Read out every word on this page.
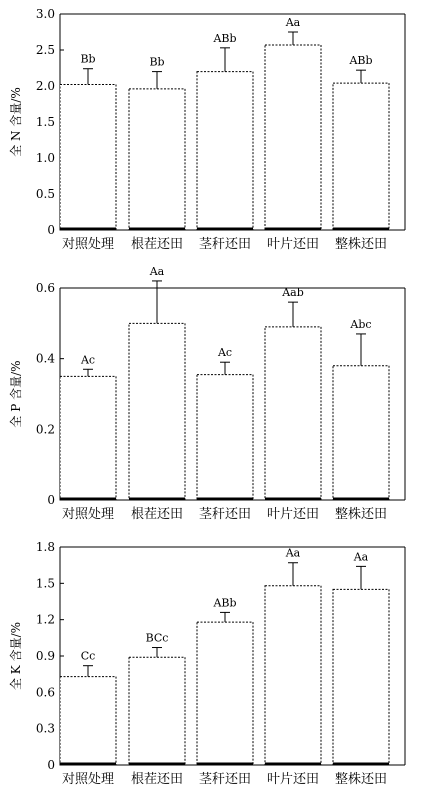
0
0.5
1.0
1.5
2.0
2.5
3.0
全 N 含量/%
Bb
对照处理
Bb
根茬还田
ABb
茎秆还田
Aa
叶片还田
ABb
整株还田
0
0.2
0.4
0.6
全 P 含量/%
Ac
对照处理
Aa
根茬还田
Ac
茎秆还田
Aab
叶片还田
Abc
整株还田
0
0.3
0.6
0.9
1.2
1.5
1.8
全 K 含量/%	Cc
对照处理
BCc
根茬还田
ABb
茎秆还田
Aa
叶片还田
Aa
整株还田
